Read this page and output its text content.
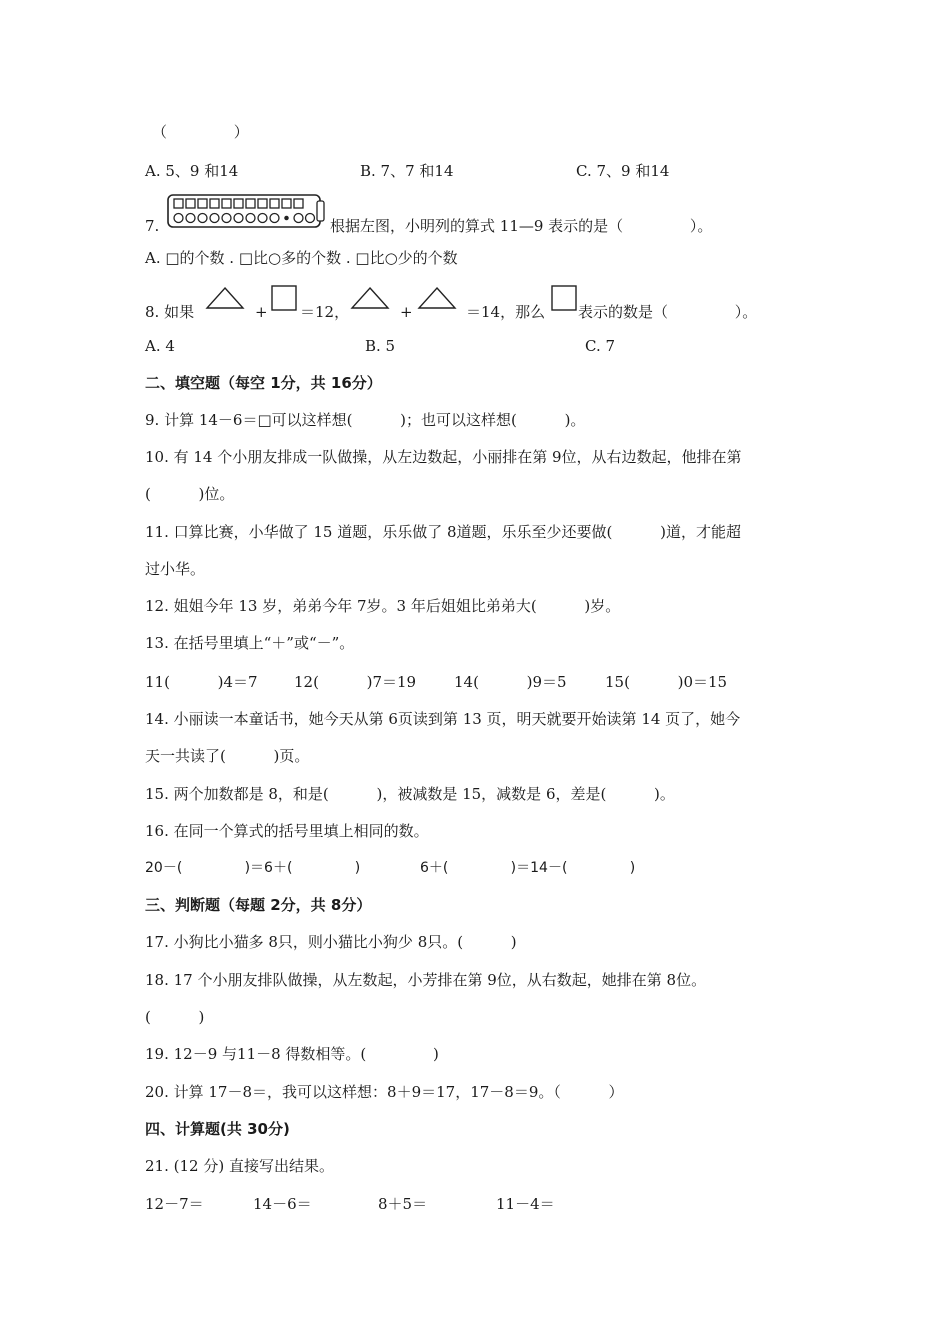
（              ）
A. 5、9 和14	B. 7、7 和14	C. 7、9 和14
7.	根据左图，小明列的算式 11—9 表示的是（              ）。
A. □的个数 . □比○多的个数 . □比○少的个数
8. 如果	+ ＝12，	+	＝14，那么 表示的数是（              ）。
A. 4	B. 5	C. 7
二、填空题（每空 1分，共 16分）
9. 计算 14－6＝□可以这样想(          )；也可以这样想(          )。
10. 有 14 个小朋友排成一队做操，从左边数起，小丽排在第 9位，从右边数起，他排在第
(          )位。
11. 口算比赛，小华做了 15 道题，乐乐做了 8道题，乐乐至少还要做(          )道，才能超
过小华。
12. 姐姐今年 13 岁，弟弟今年 7岁。3 年后姐姐比弟弟大(          )岁。
13. 在括号里填上“＋”或“－”。
11(          )4＝7 12(          )7＝19	14(          )9＝5	15(          )0＝15
14. 小丽读一本童话书，她今天从第 6页读到第 13 页，明天就要开始读第 14 页了，她今
天一共读了(          )页。
15. 两个加数都是 8，和是(          )，被减数是 15，减数是 6，差是(          )。
16. 在同一个算式的括号里填上相同的数。
20－(              )＝6＋(              )	6＋(              )＝14－(              )
三、判断题（每题 2分，共 8分）
17. 小狗比小猫多 8只，则小猫比小狗少 8只。(          )
18. 17 个小朋友排队做操，从左数起，小芳排在第 9位，从右数起，她排在第 8位。
(          )
19. 12－9 与11－8 得数相等。(              )
20. 计算 17－8＝，我可以这样想：8＋9＝17，17－8＝9。（          ）
四、计算题(共 30分)
21. (12 分) 直接写出结果。
12－7＝	14－6＝	8＋5＝	11－4＝
